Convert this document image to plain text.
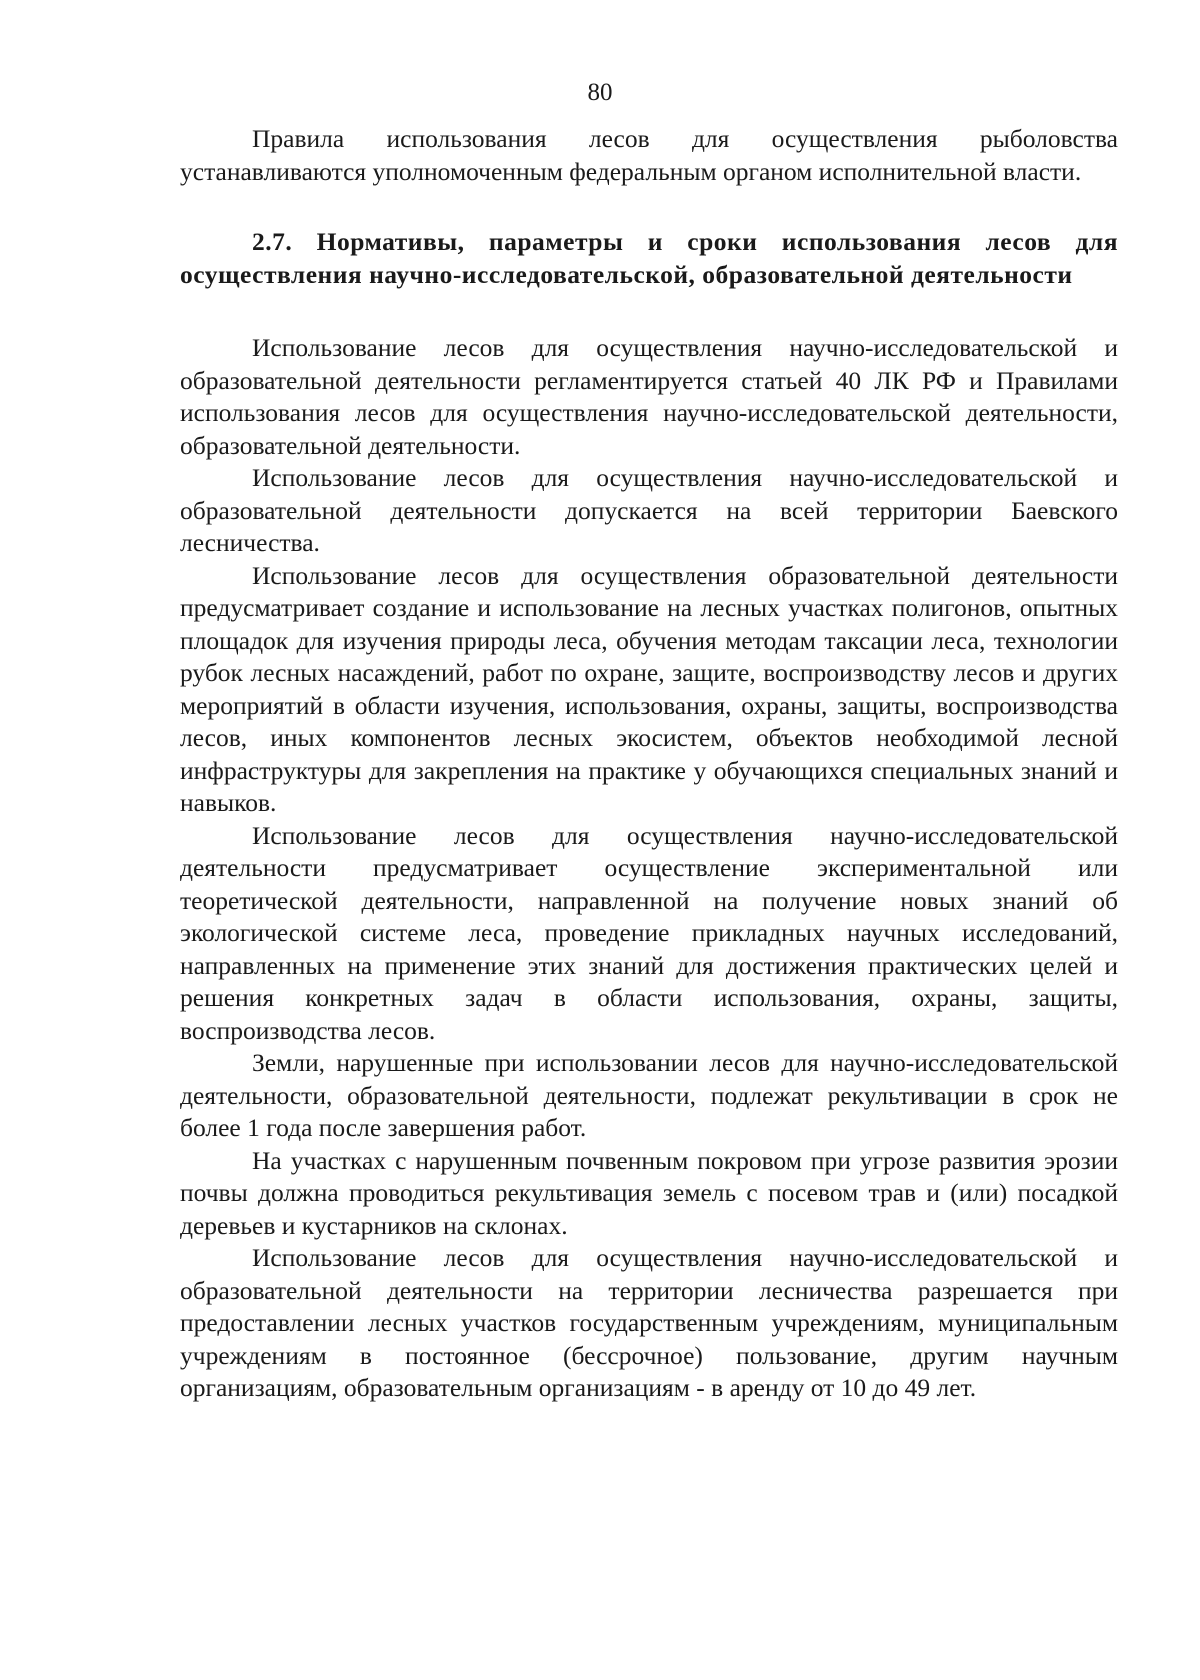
80

Правила использования лесов для осуществления рыболовства устанавливаются уполномоченным федеральным органом исполнительной власти.

2.7. Нормативы, параметры и сроки использования лесов для осуществления научно-исследовательской, образовательной деятельности

Использование лесов для осуществления научно-исследовательской и образовательной деятельности регламентируется статьей 40 ЛК РФ и Правилами использования лесов для осуществления научно-исследовательской деятельности, образовательной деятельности.

Использование лесов для осуществления научно-исследовательской и образовательной деятельности допускается на всей территории Баевского лесничества.

Использование лесов для осуществления образовательной деятельности предусматривает создание и использование на лесных участках полигонов, опытных площадок для изучения природы леса, обучения методам таксации леса, технологии рубок лесных насаждений, работ по охране, защите, воспроизводству лесов и других мероприятий в области изучения, использования, охраны, защиты, воспроизводства лесов, иных компонентов лесных экосистем, объектов необходимой лесной инфраструктуры для закрепления на практике у обучающихся специальных знаний и навыков.

Использование лесов для осуществления научно-исследовательской деятельности предусматривает осуществление экспериментальной или теоретической деятельности, направленной на получение новых знаний об экологической системе леса, проведение прикладных научных исследований, направленных на применение этих знаний для достижения практических целей и решения конкретных задач в области использования, охраны, защиты, воспроизводства лесов.

Земли, нарушенные при использовании лесов для научно-исследовательской деятельности, образовательной деятельности, подлежат рекультивации в срок не более 1 года после завершения работ.

На участках с нарушенным почвенным покровом при угрозе развития эрозии почвы должна проводиться рекультивация земель с посевом трав и (или) посадкой деревьев и кустарников на склонах.

Использование лесов для осуществления научно-исследовательской и образовательной деятельности на территории лесничества разрешается при предоставлении лесных участков государственным учреждениям, муниципальным учреждениям в постоянное (бессрочное) пользование, другим научным организациям, образовательным организациям - в аренду от 10 до 49 лет.
